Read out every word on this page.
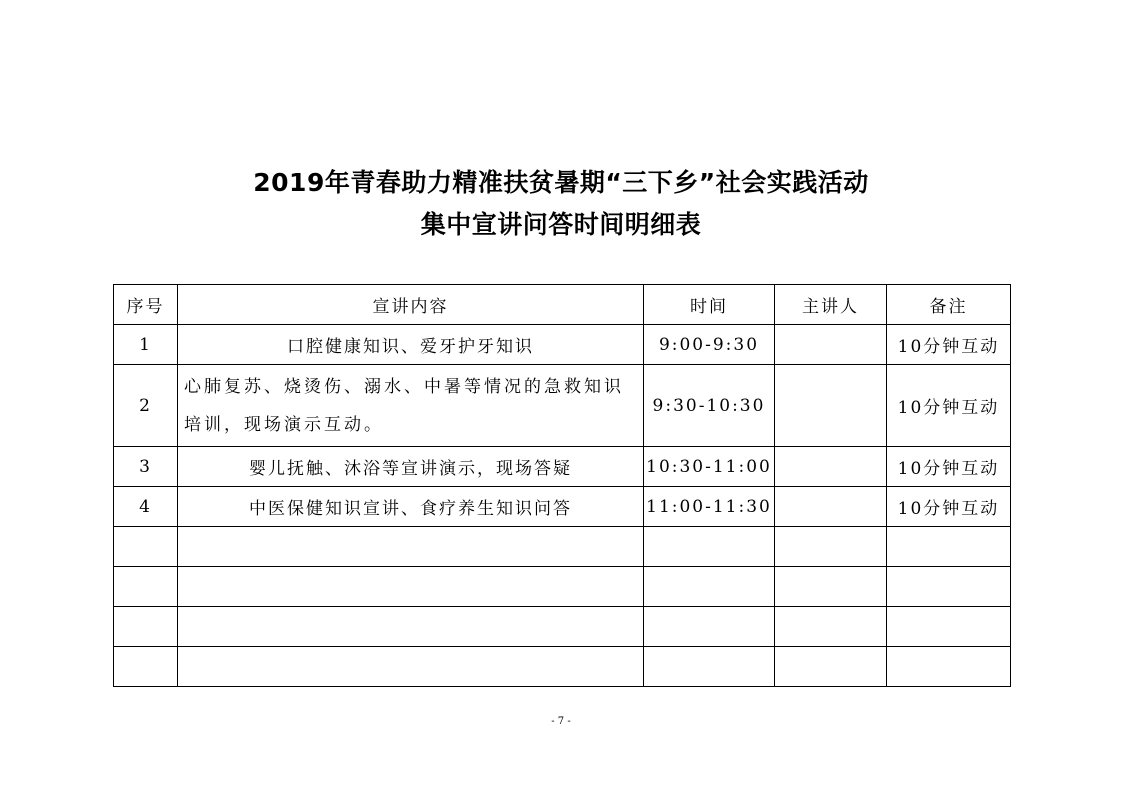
2019年青春助力精准扶贫暑期“三下乡”社会实践活动
集中宣讲问答时间明细表
序号	宣讲内容	时间	主讲人	备注
1	口腔健康知识、爱牙护牙知识	9:00-9:30		10分钟互动
2	心肺复苏、烧烫伤、溺水、中暑等情况的急救知识培训，现场演示互动。	9:30-10:30		10分钟互动
3	婴儿抚触、沐浴等宣讲演示，现场答疑	10:30-11:00		10分钟互动
4	中医保健知识宣讲、食疗养生知识问答	11:00-11:30		10分钟互动

- 7 -
